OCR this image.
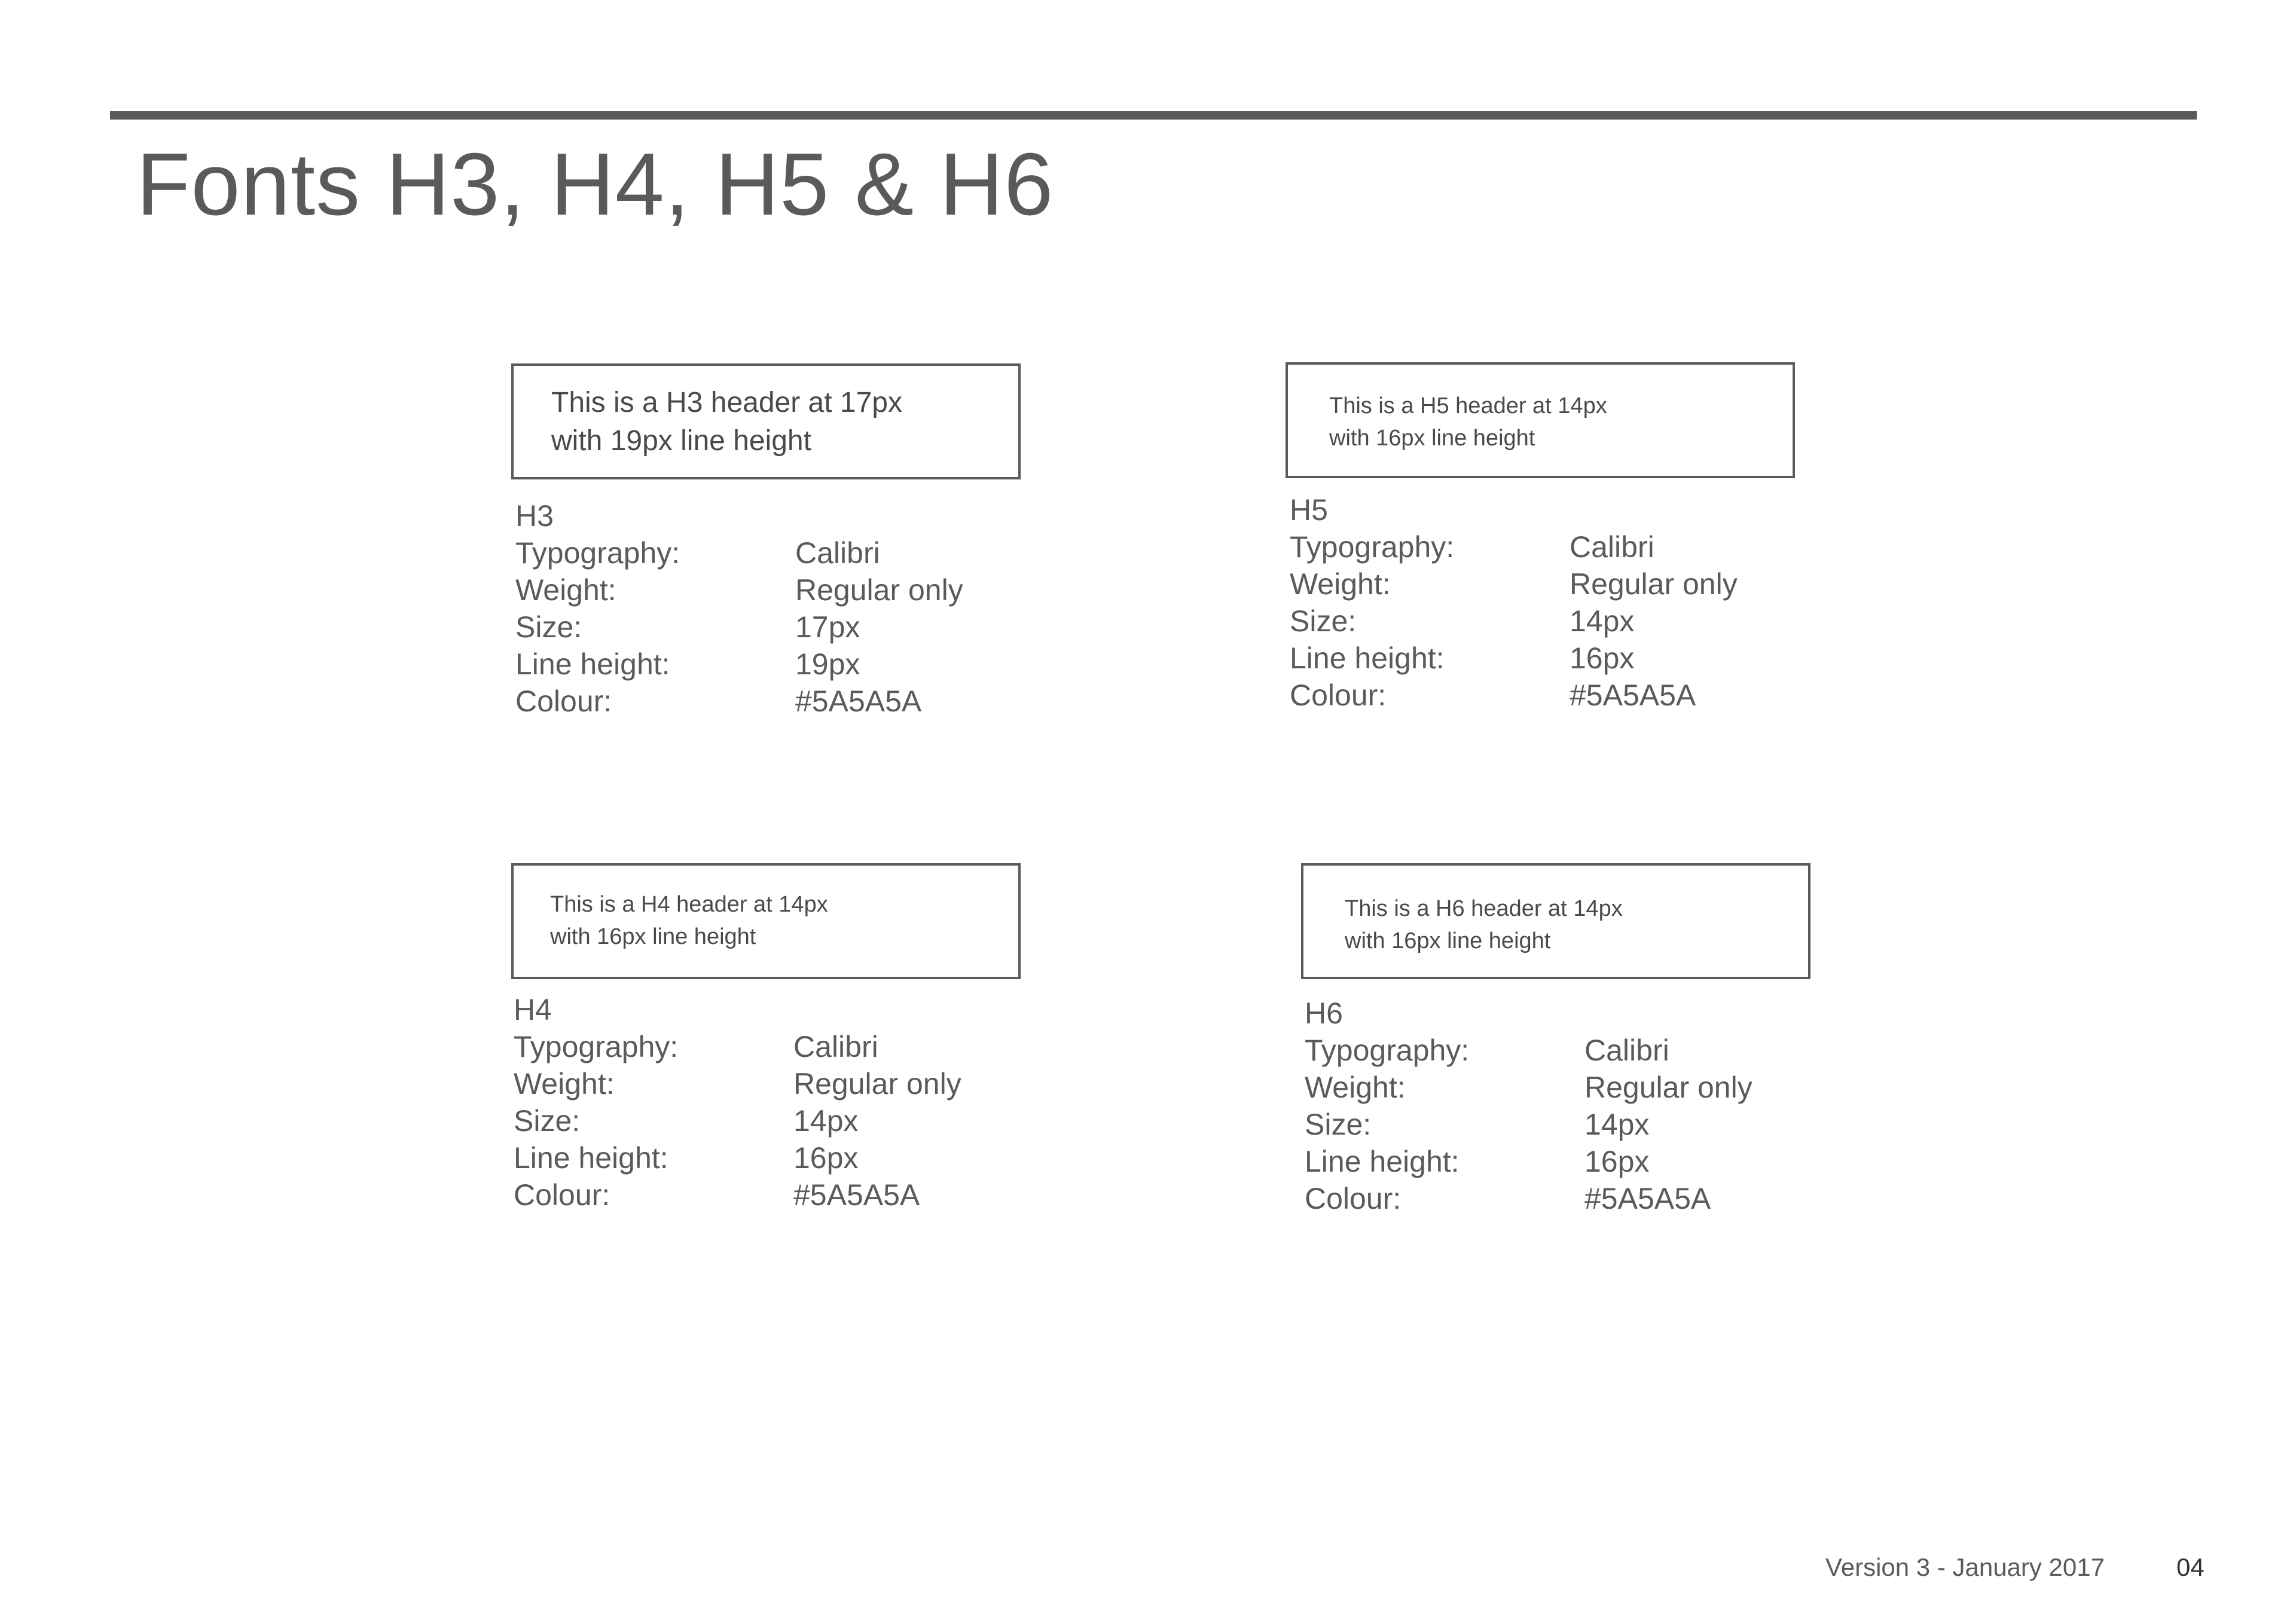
Fonts H3, H4, H5 & H6
This is a H3 header at 17px
with 19px line height
H3
Typography:	Calibri
Weight:	Regular only
Size:	17px
Line height:	19px
Colour:	#5A5A5A
This is a H5 header at 14px
with 16px line height
H5
Typography:	Calibri
Weight:	Regular only
Size:	14px
Line height:	16px
Colour:	#5A5A5A
This is a H4 header at 14px
with 16px line height
H4
Typography:	Calibri
Weight:	Regular only
Size:	14px
Line height:	16px
Colour:	#5A5A5A
This is a H6 header at 14px
with 16px line height
H6
Typography:	Calibri
Weight:	Regular only
Size:	14px
Line height:	16px
Colour:	#5A5A5A
Version 3 - January 2017	04
